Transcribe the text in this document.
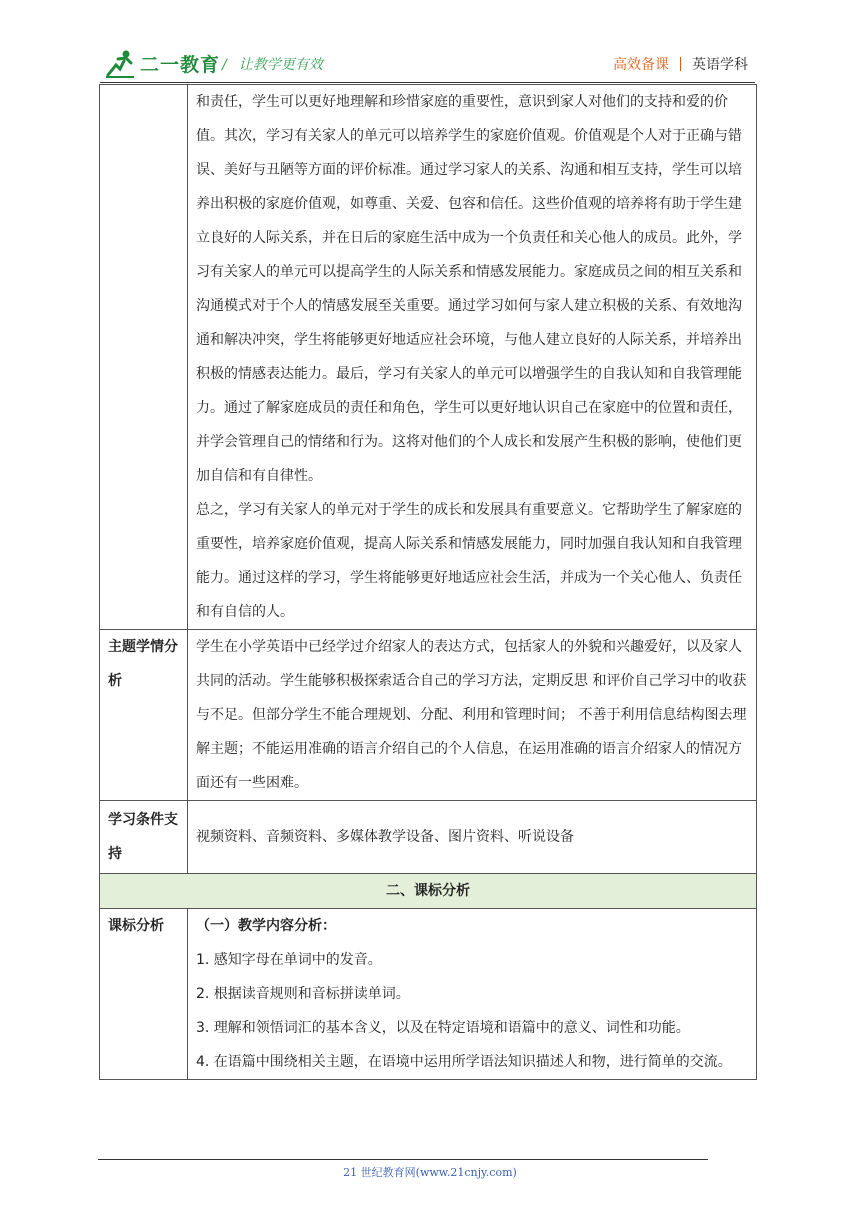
二一教育 / 让教学更有效	高效备课 英语学科

	和责任，学生可以更好地理解和珍惜家庭的重要性，意识到家人对他们的支持和爱的价值。其次，学习有关家人的单元可以培养学生的家庭价值观。价值观是个人对于正确与错误、美好与丑陋等方面的评价标准。通过学习家人的关系、沟通和相互支持，学生可以培养出积极的家庭价值观，如尊重、关爱、包容和信任。这些价值观的培养将有助于学生建立良好的人际关系，并在日后的家庭生活中成为一个负责任和关心他人的成员。此外，学习有关家人的单元可以提高学生的人际关系和情感发展能力。家庭成员之间的相互关系和沟通模式对于个人的情感发展至关重要。通过学习如何与家人建立积极的关系、有效地沟通和解决冲突，学生将能够更好地适应社会环境，与他人建立良好的人际关系，并培养出积极的情感表达能力。最后，学习有关家人的单元可以增强学生的自我认知和自我管理能力。通过了解家庭成员的责任和角色，学生可以更好地认识自己在家庭中的位置和责任，并学会管理自己的情绪和行为。这将对他们的个人成长和发展产生积极的影响，使他们更加自信和有自律性。

总之，学习有关家人的单元对于学生的成长和发展具有重要意义。它帮助学生了解家庭的重要性，培养家庭价值观，提高人际关系和情感发展能力，同时加强自我认知和自我管理能力。通过这样的学习，学生将能够更好地适应社会生活，并成为一个关心他人、负责任和有自信的人。

主题学情分析	学生在小学英语中已经学过介绍家人的表达方式，包括家人的外貌和兴趣爱好，以及家人共同的活动。学生能够积极探索适合自己的学习方法，定期反思 和评价自己学习中的收获与不足。但部分学生不能合理规划、分配、利用和管理时间； 不善于利用信息结构图去理解主题；不能运用准确的语言介绍自己的个人信息，在运用准确的语言介绍家人的情况方面还有一些困难。

学习条件支持	视频资料、音频资料、多媒体教学设备、图片资料、听说设备

二、课标分析	
课标分析	（一）教学内容分析：

1. 感知字母在单词中的发音。

2. 根据读音规则和音标拼读单词。

3. 理解和领悟词汇的基本含义，以及在特定语境和语篇中的意义、词性和功能。

4. 在语篇中围绕相关主题，在语境中运用所学语法知识描述人和物，进行简单的交流。

21 世纪教育网(www.21cnjy.com)
